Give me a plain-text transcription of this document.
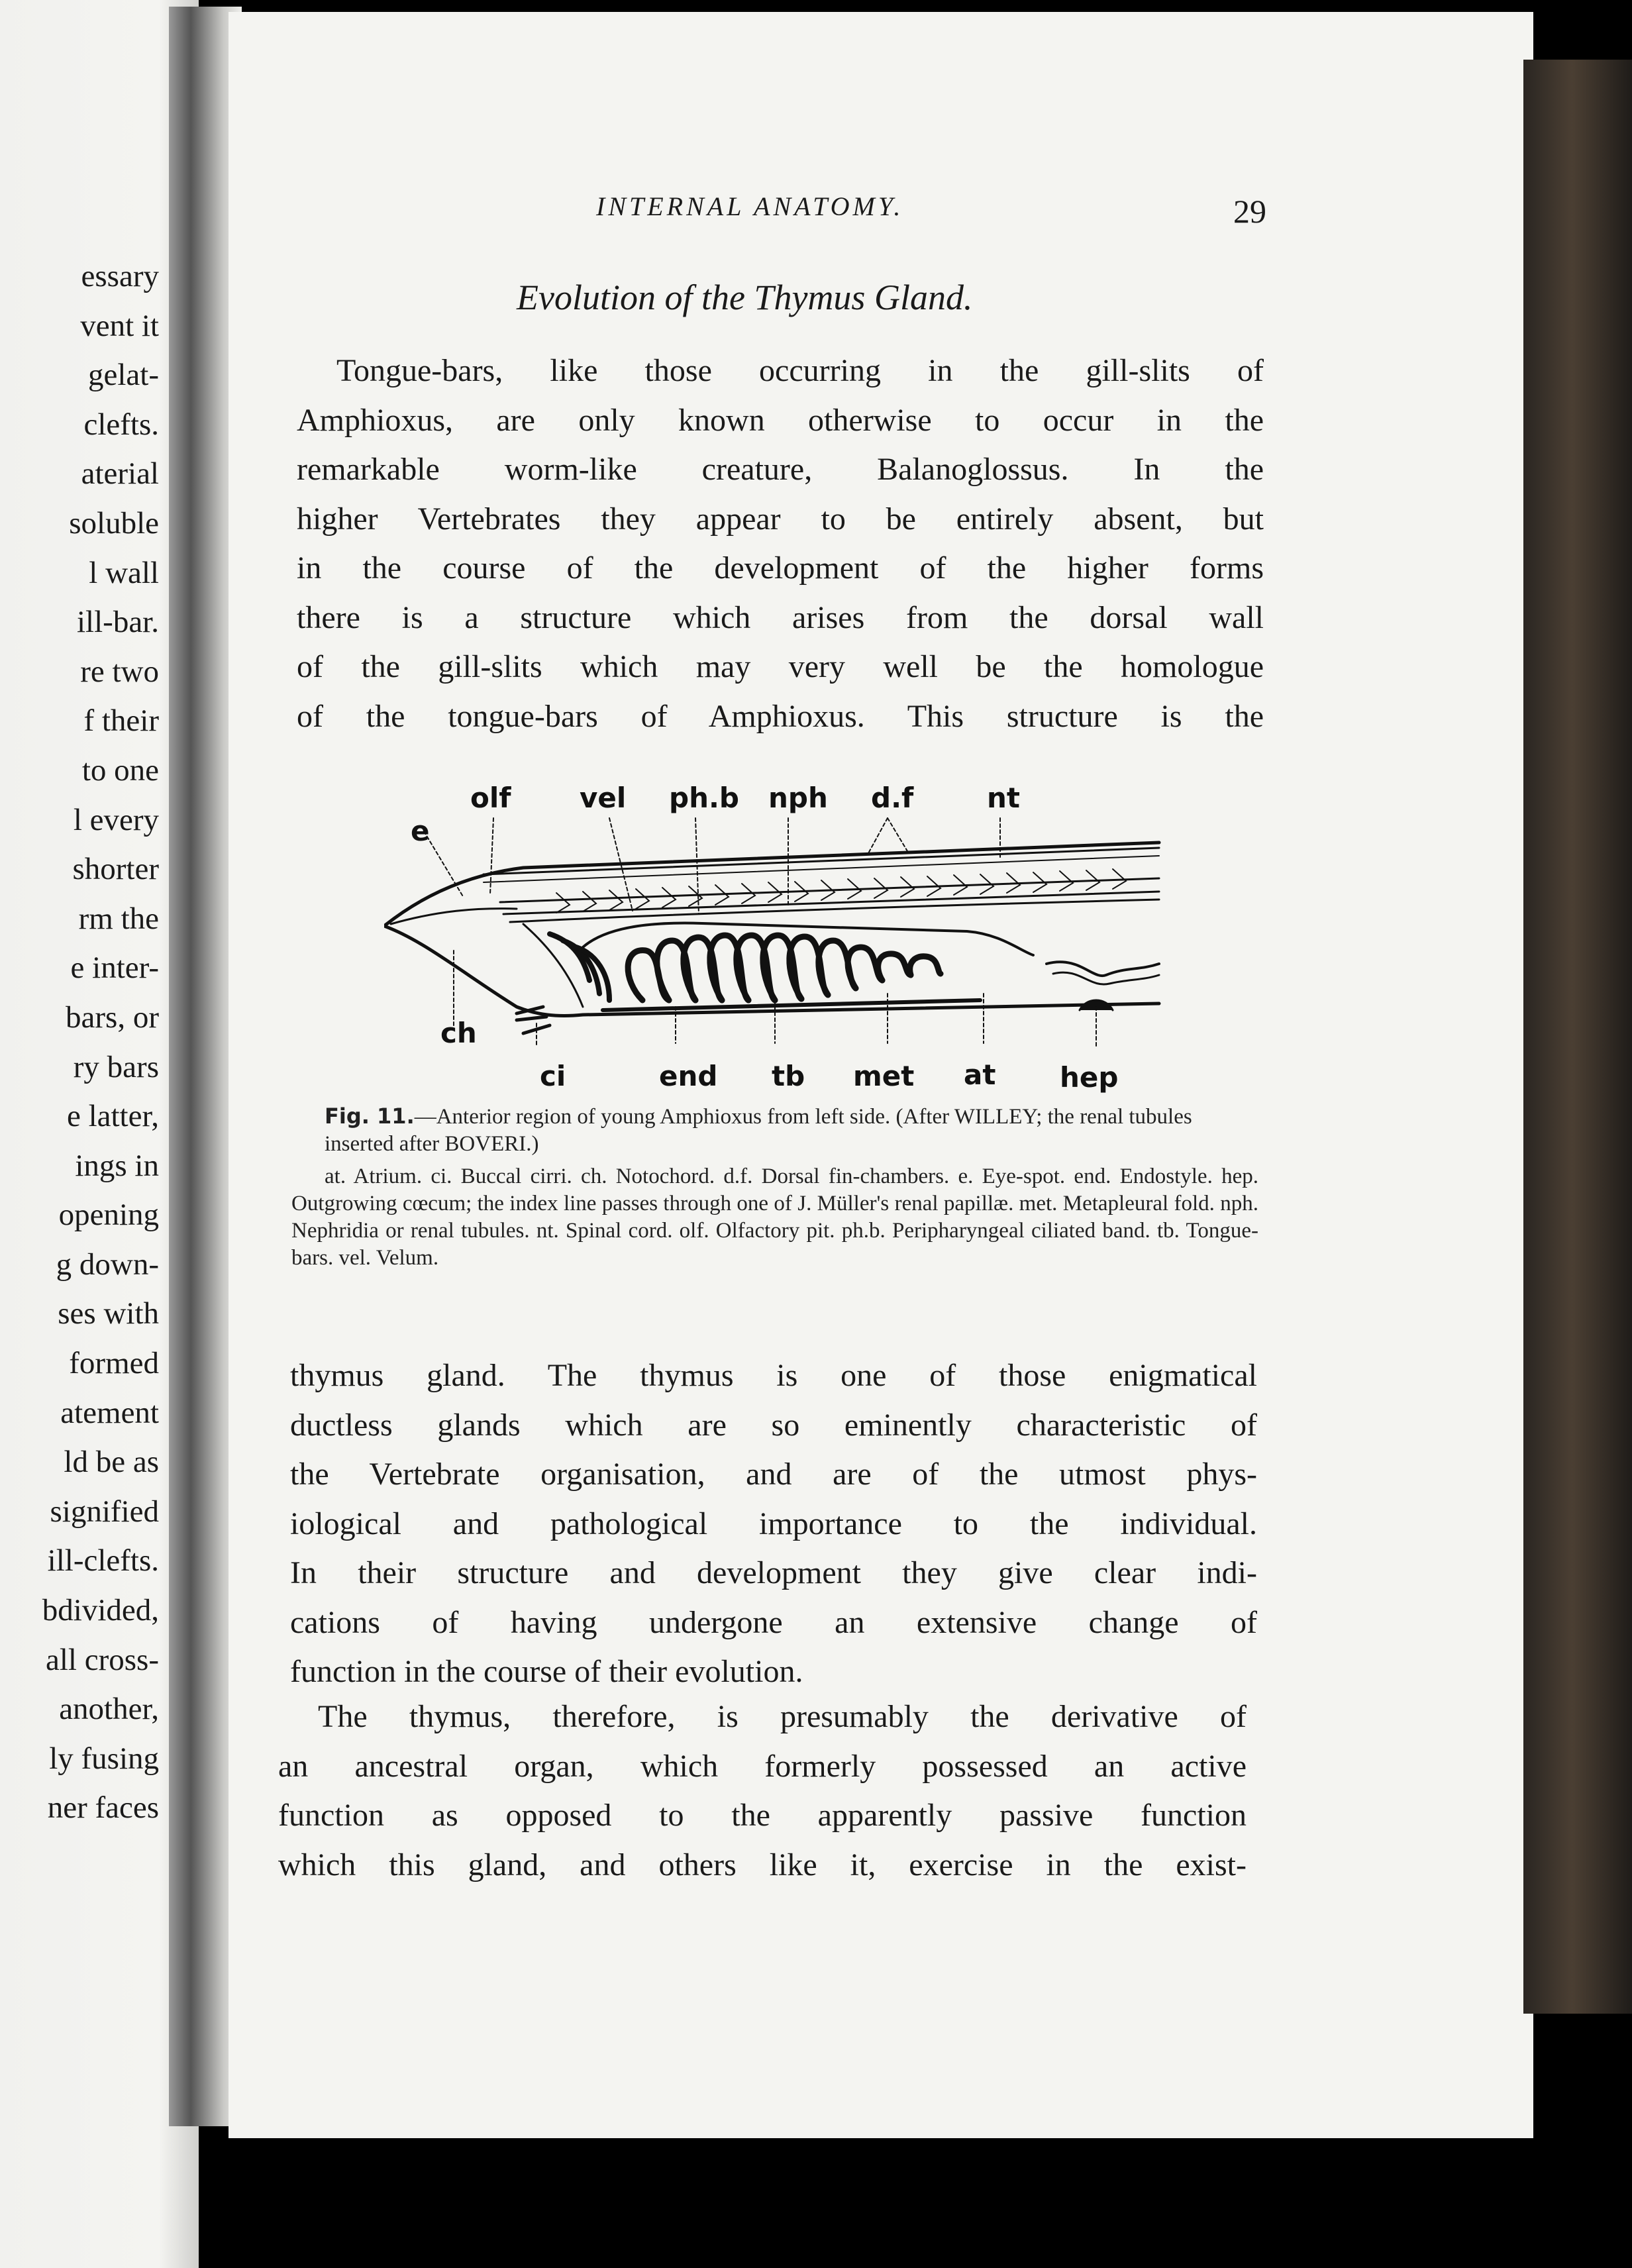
essary
vent it
gelat-
clefts.
aterial
soluble
l wall
ill-bar.
re two
f their
to one
l every
shorter
rm the
e inter-
bars, or
ry bars
e latter,
ings in
opening
g down-
ses with
formed
atement
ld be as
signified
ill-clefts.
bdivided,
all cross-
another,
ly fusing
ner faces
INTERNAL ANATOMY.	29
Evolution of the Thymus Gland.
Tongue-bars, like those occurring in the gill-slits of
Amphioxus, are only known otherwise to occur in the
remarkable worm-like creature, Balanoglossus. In the
higher Vertebrates they appear to be entirely absent, but
in the course of the development of the higher forms
there is a structure which arises from the dorsal wall
of the gill-slits which may very well be the homologue
of the tongue-bars of Amphioxus. This structure is the
e
olf vel ph.b nph d.f	nt
ch
ci	end tb met at hep
Fig. 11.—Anterior region of young Amphioxus from left side. (After WILLEY; the renal tubules inserted after BOVERI.)
at. Atrium. ci. Buccal cirri. ch. Notochord. d.f. Dorsal fin-chambers. e. Eye-spot. end. Endostyle. hep. Outgrowing cœcum; the index line passes through one of J. Müller's renal papillæ. met. Metapleural fold. nph. Nephridia or renal tubules. nt. Spinal cord. olf. Olfactory pit. ph.b. Peripharyngeal ciliated band. tb. Tongue-bars. vel. Velum.
thymus gland. The thymus is one of those enigmatical
ductless glands which are so eminently characteristic of
the Vertebrate organisation, and are of the utmost phys-
iological and pathological importance to the individual.
In their structure and development they give clear indi-
cations of having undergone an extensive change of
function in the course of their evolution.
The thymus, therefore, is presumably the derivative of
an ancestral organ, which formerly possessed an active
function as opposed to the apparently passive function
which this gland, and others like it, exercise in the exist-
